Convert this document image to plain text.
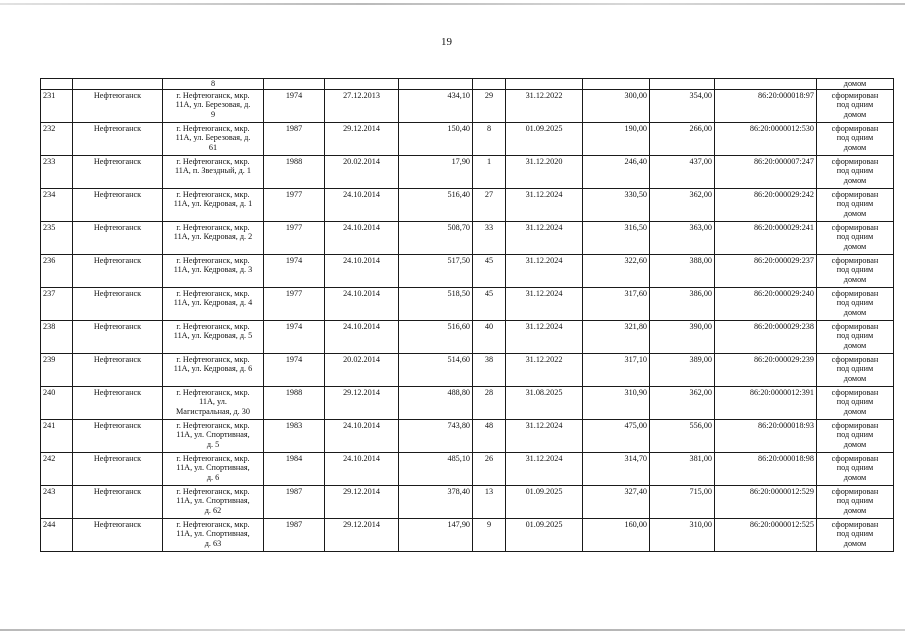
19
		8									домом
231	Нефтеюганск	г. Нефтеюганск, мкр.
11А, ул. Березовая, д.
9	1974	27.12.2013	434,10	29	31.12.2022	300,00	354,00	86:20:000018:97	сформирован
под одним
домом

232	Нефтеюганск	г. Нефтеюганск, мкр.
11А, ул. Березовая, д.
61	1987	29.12.2014	150,40	8	01.09.2025	190,00	266,00	86:20:0000012:530	сформирован
под одним
домом

233	Нефтеюганск	г. Нефтеюганск, мкр.
11А, п. Звездный, д. 1	1988	20.02.2014	17,90	1	31.12.2020	246,40	437,00	86:20:000007:247	сформирован
под одним
домом

234	Нефтеюганск	г. Нефтеюганск, мкр.
11А, ул. Кедровая, д. 1	1977	24.10.2014	516,40	27	31.12.2024	330,50	362,00	86:20:000029:242	сформирован
под одним
домом

235	Нефтеюганск	г. Нефтеюганск, мкр.
11А, ул. Кедровая, д. 2	1977	24.10.2014	508,70	33	31.12.2024	316,50	363,00	86:20:000029:241	сформирован
под одним
домом

236	Нефтеюганск	г. Нефтеюганск, мкр.
11А, ул. Кедровая, д. 3	1974	24.10.2014	517,50	45	31.12.2024	322,60	388,00	86:20:000029:237	сформирован
под одним
домом

237	Нефтеюганск	г. Нефтеюганск, мкр.
11А, ул. Кедровая, д. 4	1977	24.10.2014	518,50	45	31.12.2024	317,60	386,00	86:20:000029:240	сформирован
под одним
домом

238	Нефтеюганск	г. Нефтеюганск, мкр.
11А, ул. Кедровая, д. 5	1974	24.10.2014	516,60	40	31.12.2024	321,80	390,00	86:20:000029:238	сформирован
под одним
домом

239	Нефтеюганск	г. Нефтеюганск, мкр.
11А, ул. Кедровая, д. 6	1974	20.02.2014	514,60	38	31.12.2022	317,10	389,00	86:20:000029:239	сформирован
под одним
домом

240	Нефтеюганск	г. Нефтеюганск, мкр.
11А, ул.
Магистральная, д. 30	1988	29.12.2014	488,80	28	31.08.2025	310,90	362,00	86:20:0000012:391	сформирован
под одним
домом

241	Нефтеюганск	г. Нефтеюганск, мкр.
11А, ул. Спортивная,
д. 5	1983	24.10.2014	743,80	48	31.12.2024	475,00	556,00	86:20:000018:93	сформирован
под одним
домом

242	Нефтеюганск	г. Нефтеюганск, мкр.
11А, ул. Спортивная,
д. 6	1984	24.10.2014	485,10	26	31.12.2024	314,70	381,00	86:20:000018:98	сформирован
под одним
домом

243	Нефтеюганск	г. Нефтеюганск, мкр.
11А, ул. Спортивная,
д. 62	1987	29.12.2014	378,40	13	01.09.2025	327,40	715,00	86:20:0000012:529	сформирован
под одним
домом

244	Нефтеюганск	г. Нефтеюганск, мкр.
11А, ул. Спортивная,
д. 63	1987	29.12.2014	147,90	9	01.09.2025	160,00	310,00	86:20:0000012:525	сформирован
под одним
домом
